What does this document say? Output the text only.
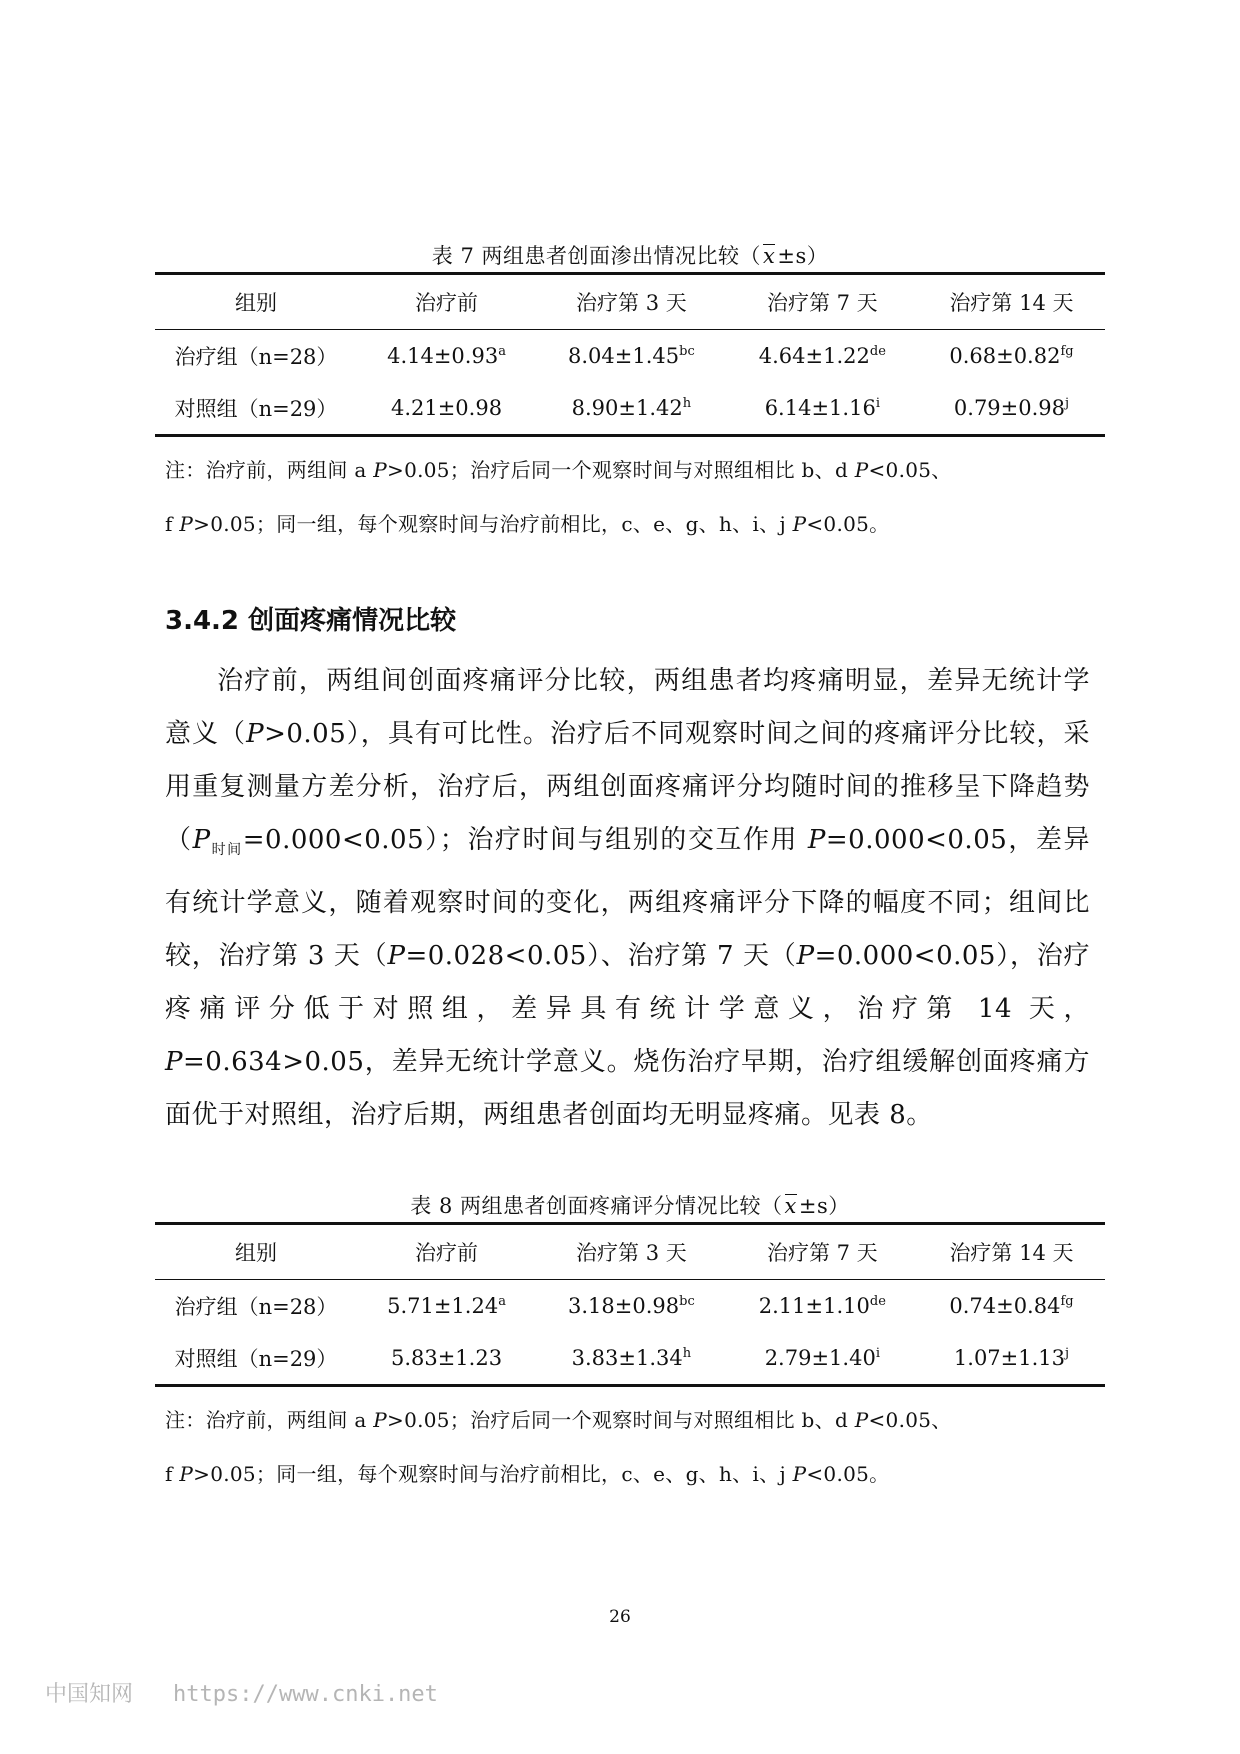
表 7 两组患者创面渗出情况比较（x±s）
组别	治疗前	治疗第 3 天	治疗第 7 天	治疗第 14 天
治疗组（n=28）	4.14±0.93$^a$	8.04±1.45$^{bc}$	4.64±1.22de	0.68±0.82$^{fg}$
对照组（n=29）	4.21±0.98	8.90±1.42$^h$	$6.14\pm 1.16^i$	$0.79\pm 0.98^j$

注：治疗前，两组间 a P>0.05；治疗后同一个观察时间与对照组相比 b、d P<0.05、

f P>0.05；同一组，每个观察时间与治疗前相比，c、e、g、h、i、j P<0.05。

3.4.2 创面疼痛情况比较

治疗前，两组间创面疼痛评分比较，两组患者均疼痛明显，差异无统计学意义（P>0.05），具有可比性。治疗后不同观察时间之间的疼痛评分比较，采用重复测量方差分析，治疗后，两组创面疼痛评分均随时间的推移呈下降趋势$(P_{时间}=0.000<0.05)$；治疗时间与组别的交互作用 P=0.000<0.05，差异有统计学意义，随着观察时间的变化，两组疼痛评分下降的幅度不同；组间比较，治疗第 3 天（P=0.028<0.05）、治疗第 7 天（P=0.000<0.05），治疗疼痛评分低于对照组，差异具有统计学意义，治疗第 14 天，P=0.634>0.05，差异无统计学意义。烧伤治疗早期，治疗组缓解创面疼痛方面优于对照组，治疗后期，两组患者创面均无明显疼痛。见表 8。

表 8 两组患者创面疼痛评分情况比较（x±s）
组别	治疗前	治疗第 3 天	治疗第 7 天	治疗第 14 天
治疗组（n=28）	5.71±1.24$^a$	3.18±0.98$^{bc}$	2.11±1.10de	0.74±0.84$^{fg}$
对照组（n=29）	5.83±1.23	3.83±1.34$^h$	$2.79\pm 1.40^i$	$1.07\pm 1.13^j$

注：治疗前，两组间 a P>0.05；治疗后同一个观察时间与对照组相比 b、d P<0.05、

f P>0.05；同一组，每个观察时间与治疗前相比，c、e、g、h、i、j P<0.05。

26
中国知网 https://www.cnki.net
